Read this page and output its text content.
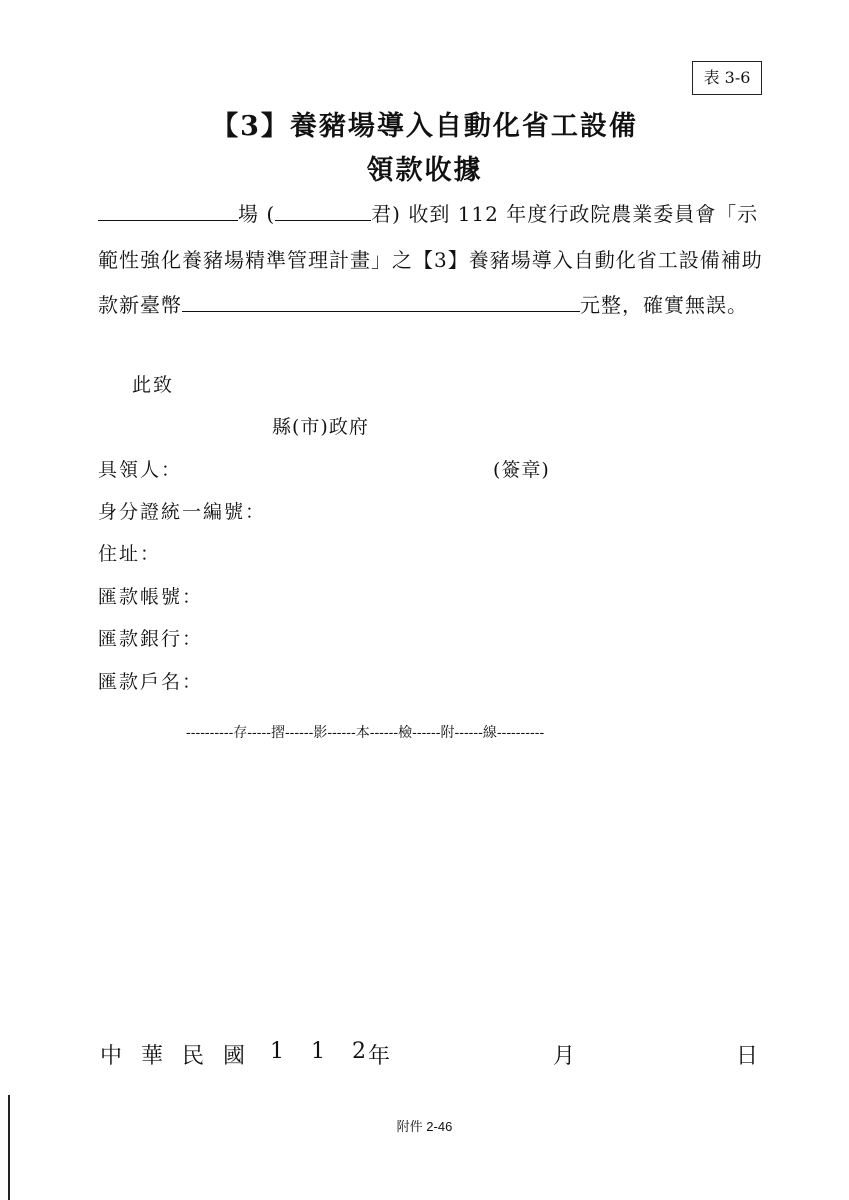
表 3-6
【3】養豬場導入自動化省工設備
領款收據
場 (	君) 收到 112 年度行政院農業委員會「示
範性強化養豬場精準管理計畫」之【3】養豬場導入自動化省工設備補助
款新臺幣	元整，確實無誤。
此致
縣(市)政府
具領人：	(簽章)
身分證統一編號：
住址：
匯款帳號：
匯款銀行：
匯款戶名：
----------存-----摺------影------本------檢------附------線----------
中 華 民 國 1 1 2
年	月	日
附件 2-46
